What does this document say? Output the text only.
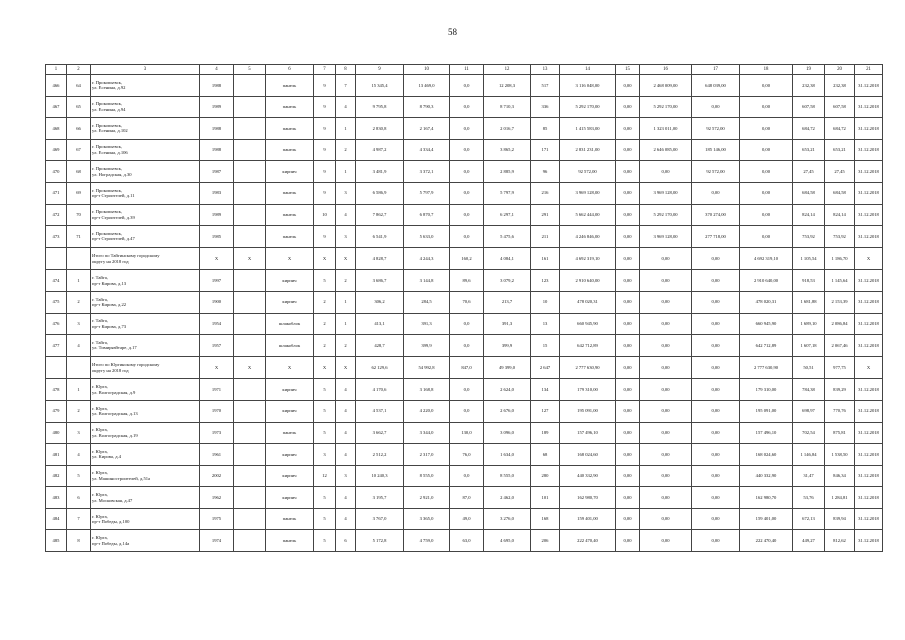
58
1	2	3	4	5	6	7	8	9	10	11	12	13	14	15	16	17	18	19	20	21
466	64	г. Прокопьевск,
ул. Есенина, д.92	1988		панель	9	7	15 345,4	13 469,0	0,0	12 208,3	517	3 116 048,00	0,00	2 468 009,00	648 039,00	0,00	232,38	232,38	31.12.2018
467	65	г. Прокопьевск,
ул. Есенина, д.94	1989		панель	9	4	9 795,8	8 790,3	0,0	8 710,3	336	5 292 170,00	0,00	5 292 170,00	0,00	0,00	607,58	607,58	31.12.2018
468	66	г. Прокопьевск,
ул. Есенина, д.102	1988		панель	9	1	2 830,8	2 167,4	0,0	2 016,7	85	1 415 583,00	0,00	1 323 011,00	92 572,00	0,00	684,72	684,72	31.12.2018
469	67	г. Прокопьевск,
ул. Есенина, д.106	1988		панель	9	2	4 987,2	4 334,4	0,0	3 865,2	171	2 831 231,00	0,00	2 646 085,00	185 146,00	0,00	653,21	653,21	31.12.2018
470	68	г. Прокопьевск,
ул. Ноградская, д.30	1987		кирпич	9	1	3 481,9	3 372,1	0,0	2 885,9	96	92 572,00	0,00	0,00	92 572,00	0,00	27,45	27,45	31.12.2018
471	69	г. Прокопьевск,
пр-т Строителей, д.11	1983		панель	9	3	6 586,9	5 797,9	0,0	5 797,9	216	3 969 128,00	0,00	3 969 128,00	0,00	0,00	684,58	684,58	31.12.2018
472	70	г. Прокопьевск,
пр-т Строителей, д.39	1989		панель	10	4	7 862,7	6 870,7	0,0	6 297,1	291	5 662 444,00	0,00	5 292 170,00	370 274,00	0,00	824,14	824,14	31.12.2018
473	71	г. Прокопьевск,
пр-т Строителей, д.47	1985		панель	9	3	6 541,9	5 633,0	0,0	5 475,6	211	4 246 846,00	0,00	3 969 128,00	277 718,00	0,00	753,92	753,92	31.12.2018

		Итого по Тайгинскому городскому
округу на 2018 год	X	X	X	X	X	4 828,7	4 244,3	160,2	4 084,1	161	4 692 319,10	0,00	0,00	0,00	4 692 319,10	1 105,54	1 186,70	X
474	1	г. Тайга,
пр-т Кирова, д.13	1997		кирпич	5	2	3 686,7	3 144,8	89,6	3 079,2	123	2 910 640,00	0,00	0,00	0,00	2 910 640,00	918,53	1 145,64	31.12.2018
475	2	г. Тайга,
пр-т Кирова, д.22	1900		кирпич	2	1	306,2	284,5	70,6	213,7	10	478 020,31	0,00	0,00	0,00	478 020,31	1 681,88	2 153,39	31.12.2018
476	3	г. Тайга,
пр-т Кирова, д.73	1954		шлакоблок	2	1	413,1	391,3	0,0	391,3	13	660 945,90	0,00	0,00	0,00	660 945,90	1 689,10	2 086,84	31.12.2018
477	4	г. Тайга,
ул. Тимирязйтаре, д.17	1957		шлакоблок	2	2	428,7	399,9	0,0	399,9	15	642 712,89	0,00	0,00	0,00	642 712,89	1 607,18	2 067,46	31.12.2018

		Итого по Юргинскому городскому
округу на 2018 год	X	X	X	X	X	62 129,6	54 992,8	847,0	49 399,0	2 647	2 777 630,90	0,00	0,00	0,00	2 777 630,90	50,51	977,75	X
478	1	г. Юрга,
ул. Волгоградская, д.9	1971		кирпич	5	4	4 170,6	3 168,8	0,0	2 624,0	134	179 310,00	0,00	0,00	0,00	179 310,00	784,38	839,29	31.12.2018
479	2	г. Юрга,
ул. Волгоградская, д.13	1970		кирпич	5	4	4 537,1	4 220,0	0,0	2 676,0	127	195 091,00	0,00	0,00	0,00	195 091,00	698,97	770,76	31.12.2018
480	3	г. Юрга,
ул. Волгоградская, д.19	1973		панель	5	4	3 662,7	3 344,0	130,0	3 096,0	189	157 496,10	0,00	0,00	0,00	157 496,10	702,54	875,81	31.12.2018
481	4	г. Юрга,
ул. Кирова, д.4	1961		кирпич	3	4	2 512,2	2 317,0	76,0	1 634,0	68	168 024,60	0,00	0,00	0,00	168 024,60	1 146,84	1 538,50	31.12.2018
482	5	г. Юрга,
ул. Машиностроителей, д.51а	2002		кирпич	12	3	10 240,3	8 555,0	0,0	8 555,0	280	440 332,90	0,00	0,00	0,00	440 332,90	31,47	846,34	31.12.2018
483	6	г. Юрга,
ул. Московская, д.47	1962		кирпич	5	4	3 195,7	2 921,0	87,0	2 462,0	101	162 980,70	0,00	0,00	0,00	162 980,70	53,76	1 284,81	31.12.2018
484	7	г. Юрга,
пр-т Победы, д.100	1975		панель	5	4	3 767,0	3 365,0	49,0	3 276,0	168	159 401,00	0,00	0,00	0,00	159 401,00	672,13	839,94	31.12.2018
485	8	г. Юрга,
пр-т Победы, д.14а	1974		панель	5	6	5 172,8	4 759,0	63,0	4 695,0	206	222 470,40	0,00	0,00	0,00	222 470,40	449,27	812,62	31.12.2018
